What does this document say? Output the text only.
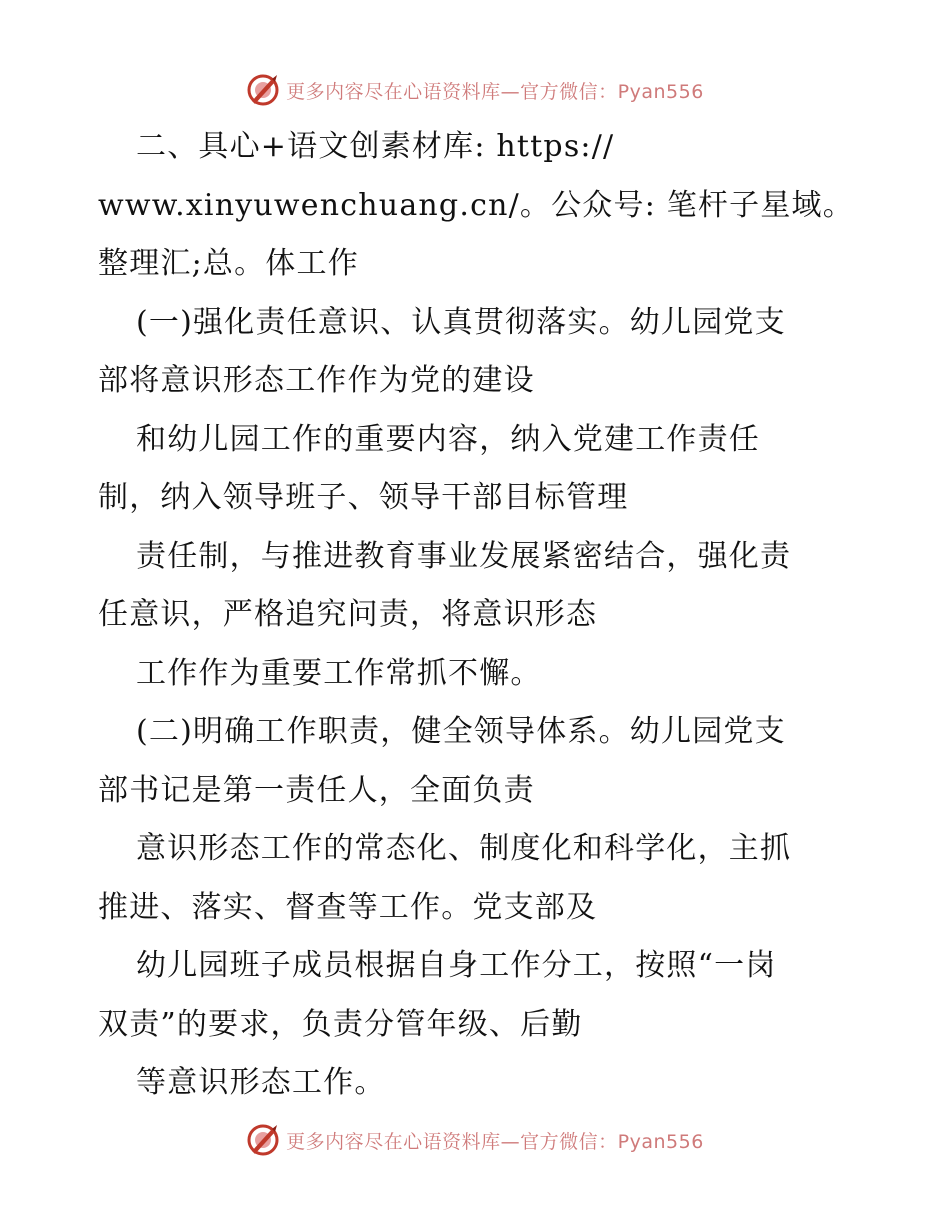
更多内容尽在心语资料库—官方微信：Pyan556
二、具心+语文创素材库: https://
www.xinyuwenchuang.cn/。公众号: 笔杆子星域。
整理汇;总。体工作
(一)强化责任意识、认真贯彻落实。幼儿园党支
部将意识形态工作作为党的建设
和幼儿园工作的重要内容，纳入党建工作责任
制，纳入领导班子、领导干部目标管理
责任制，与推进教育事业发展紧密结合，强化责
任意识，严格追究问责，将意识形态
工作作为重要工作常抓不懈。
(二)明确工作职责，健全领导体系。幼儿园党支
部书记是第一责任人，全面负责
意识形态工作的常态化、制度化和科学化，主抓
推进、落实、督查等工作。党支部及
幼儿园班子成员根据自身工作分工，按照“一岗
双责”的要求，负责分管年级、后勤
等意识形态工作。
更多内容尽在心语资料库—官方微信：Pyan556
